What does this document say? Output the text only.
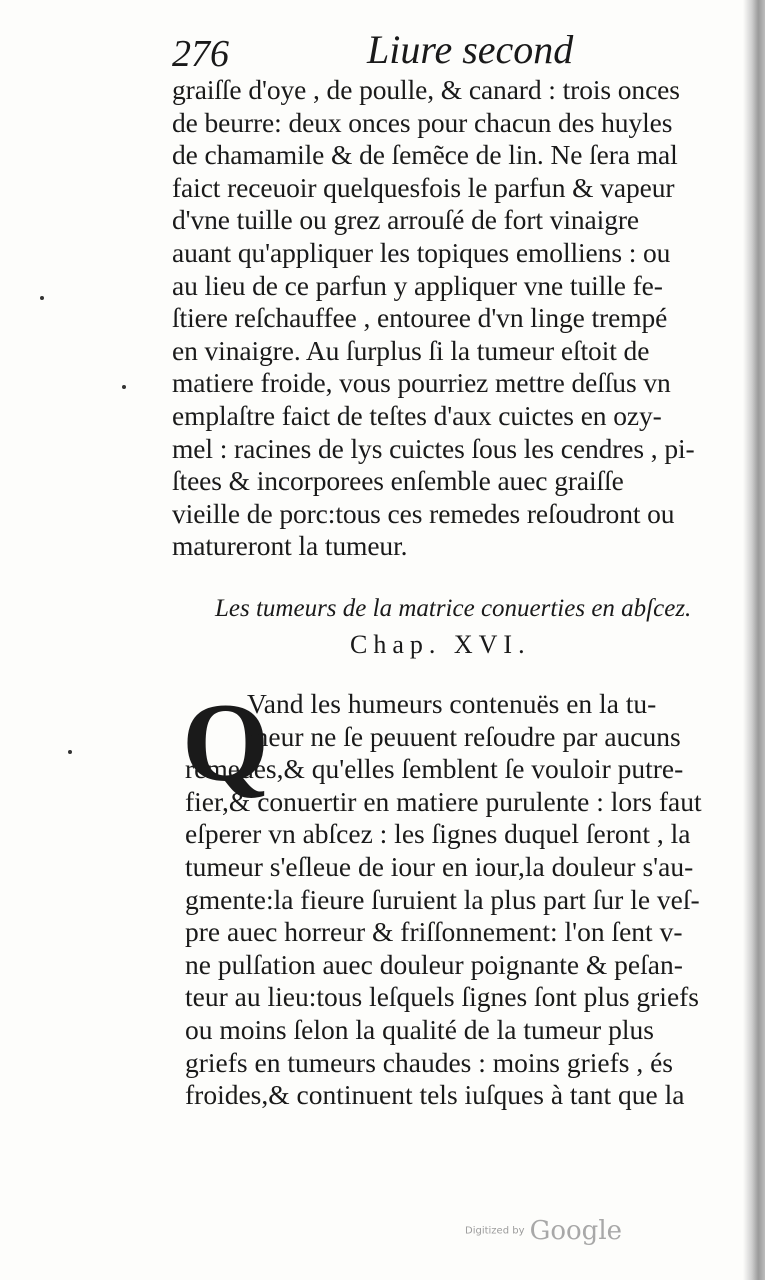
276	Liure second
graiſſe d'oye , de poulle, & canard : trois onces
de beurre: deux onces pour chacun des huyles
de chamamile & de ſemẽce de lin. Ne ſera mal
faict receuoir quelquesfois le parfun & vapeur
d'vne tuille ou grez arrouſé de fort vinaigre
auant qu'appliquer les topiques emolliens : ou
au lieu de ce parfun y appliquer vne tuille fe-
ſtiere reſchauffee , entouree d'vn linge trempé
en vinaigre. Au ſurplus ſi la tumeur eſtoit de
matiere froide, vous pourriez mettre deſſus vn
emplaſtre faict de teſtes d'aux cuictes en ozy-
mel : racines de lys cuictes ſous les cendres , pi-
ſtees & incorporees enſemble auec graiſſe
vieille de porc:tous ces remedes reſoudront ou
matureront la tumeur.
Les tumeurs de la matrice conuerties en abſcez.
Chap. XVI.
Q
Vand les humeurs contenuës en la tu-
meur ne ſe peuuent reſoudre par aucuns
remedes,& qu'elles ſemblent ſe vouloir putre-
fier,& conuertir en matiere purulente : lors faut
eſperer vn abſcez : les ſignes duquel ſeront , la
tumeur s'eſleue de iour en iour,la douleur s'au-
gmente:la fieure ſuruient la plus part ſur le veſ-
pre auec horreur & friſſonnement: l'on ſent v-
ne pulſation auec douleur poignante & peſan-
teur au lieu:tous leſquels ſignes ſont plus griefs
ou moins ſelon la qualité de la tumeur plus
griefs en tumeurs chaudes : moins griefs , és
froides,& continuent tels iuſques à tant que la
Digitized by Google
